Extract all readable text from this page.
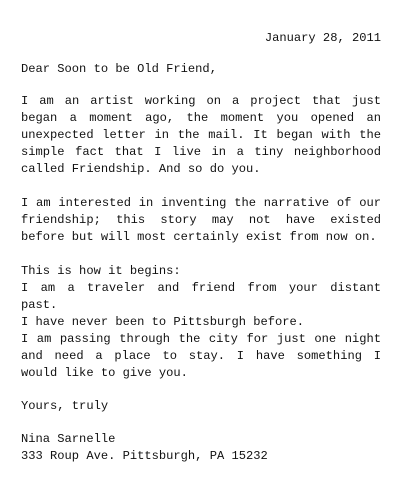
January 28, 2011
Dear Soon to be Old Friend,
I am an artist working on a project that just began a moment ago, the moment you opened an unexpected letter in the mail. It began with the simple fact that I live in a tiny neighborhood called Friendship. And so do you.
I am interested in inventing the narrative of our friendship; this story may not have existed before but will most certainly exist from now on.
This is how it begins:
I am a traveler and friend from your distant past.
I have never been to Pittsburgh before.
I am passing through the city for just one night and need a place to stay. I have something I would like to give you.
Yours, truly
Nina Sarnelle
333 Roup Ave. Pittsburgh, PA 15232
